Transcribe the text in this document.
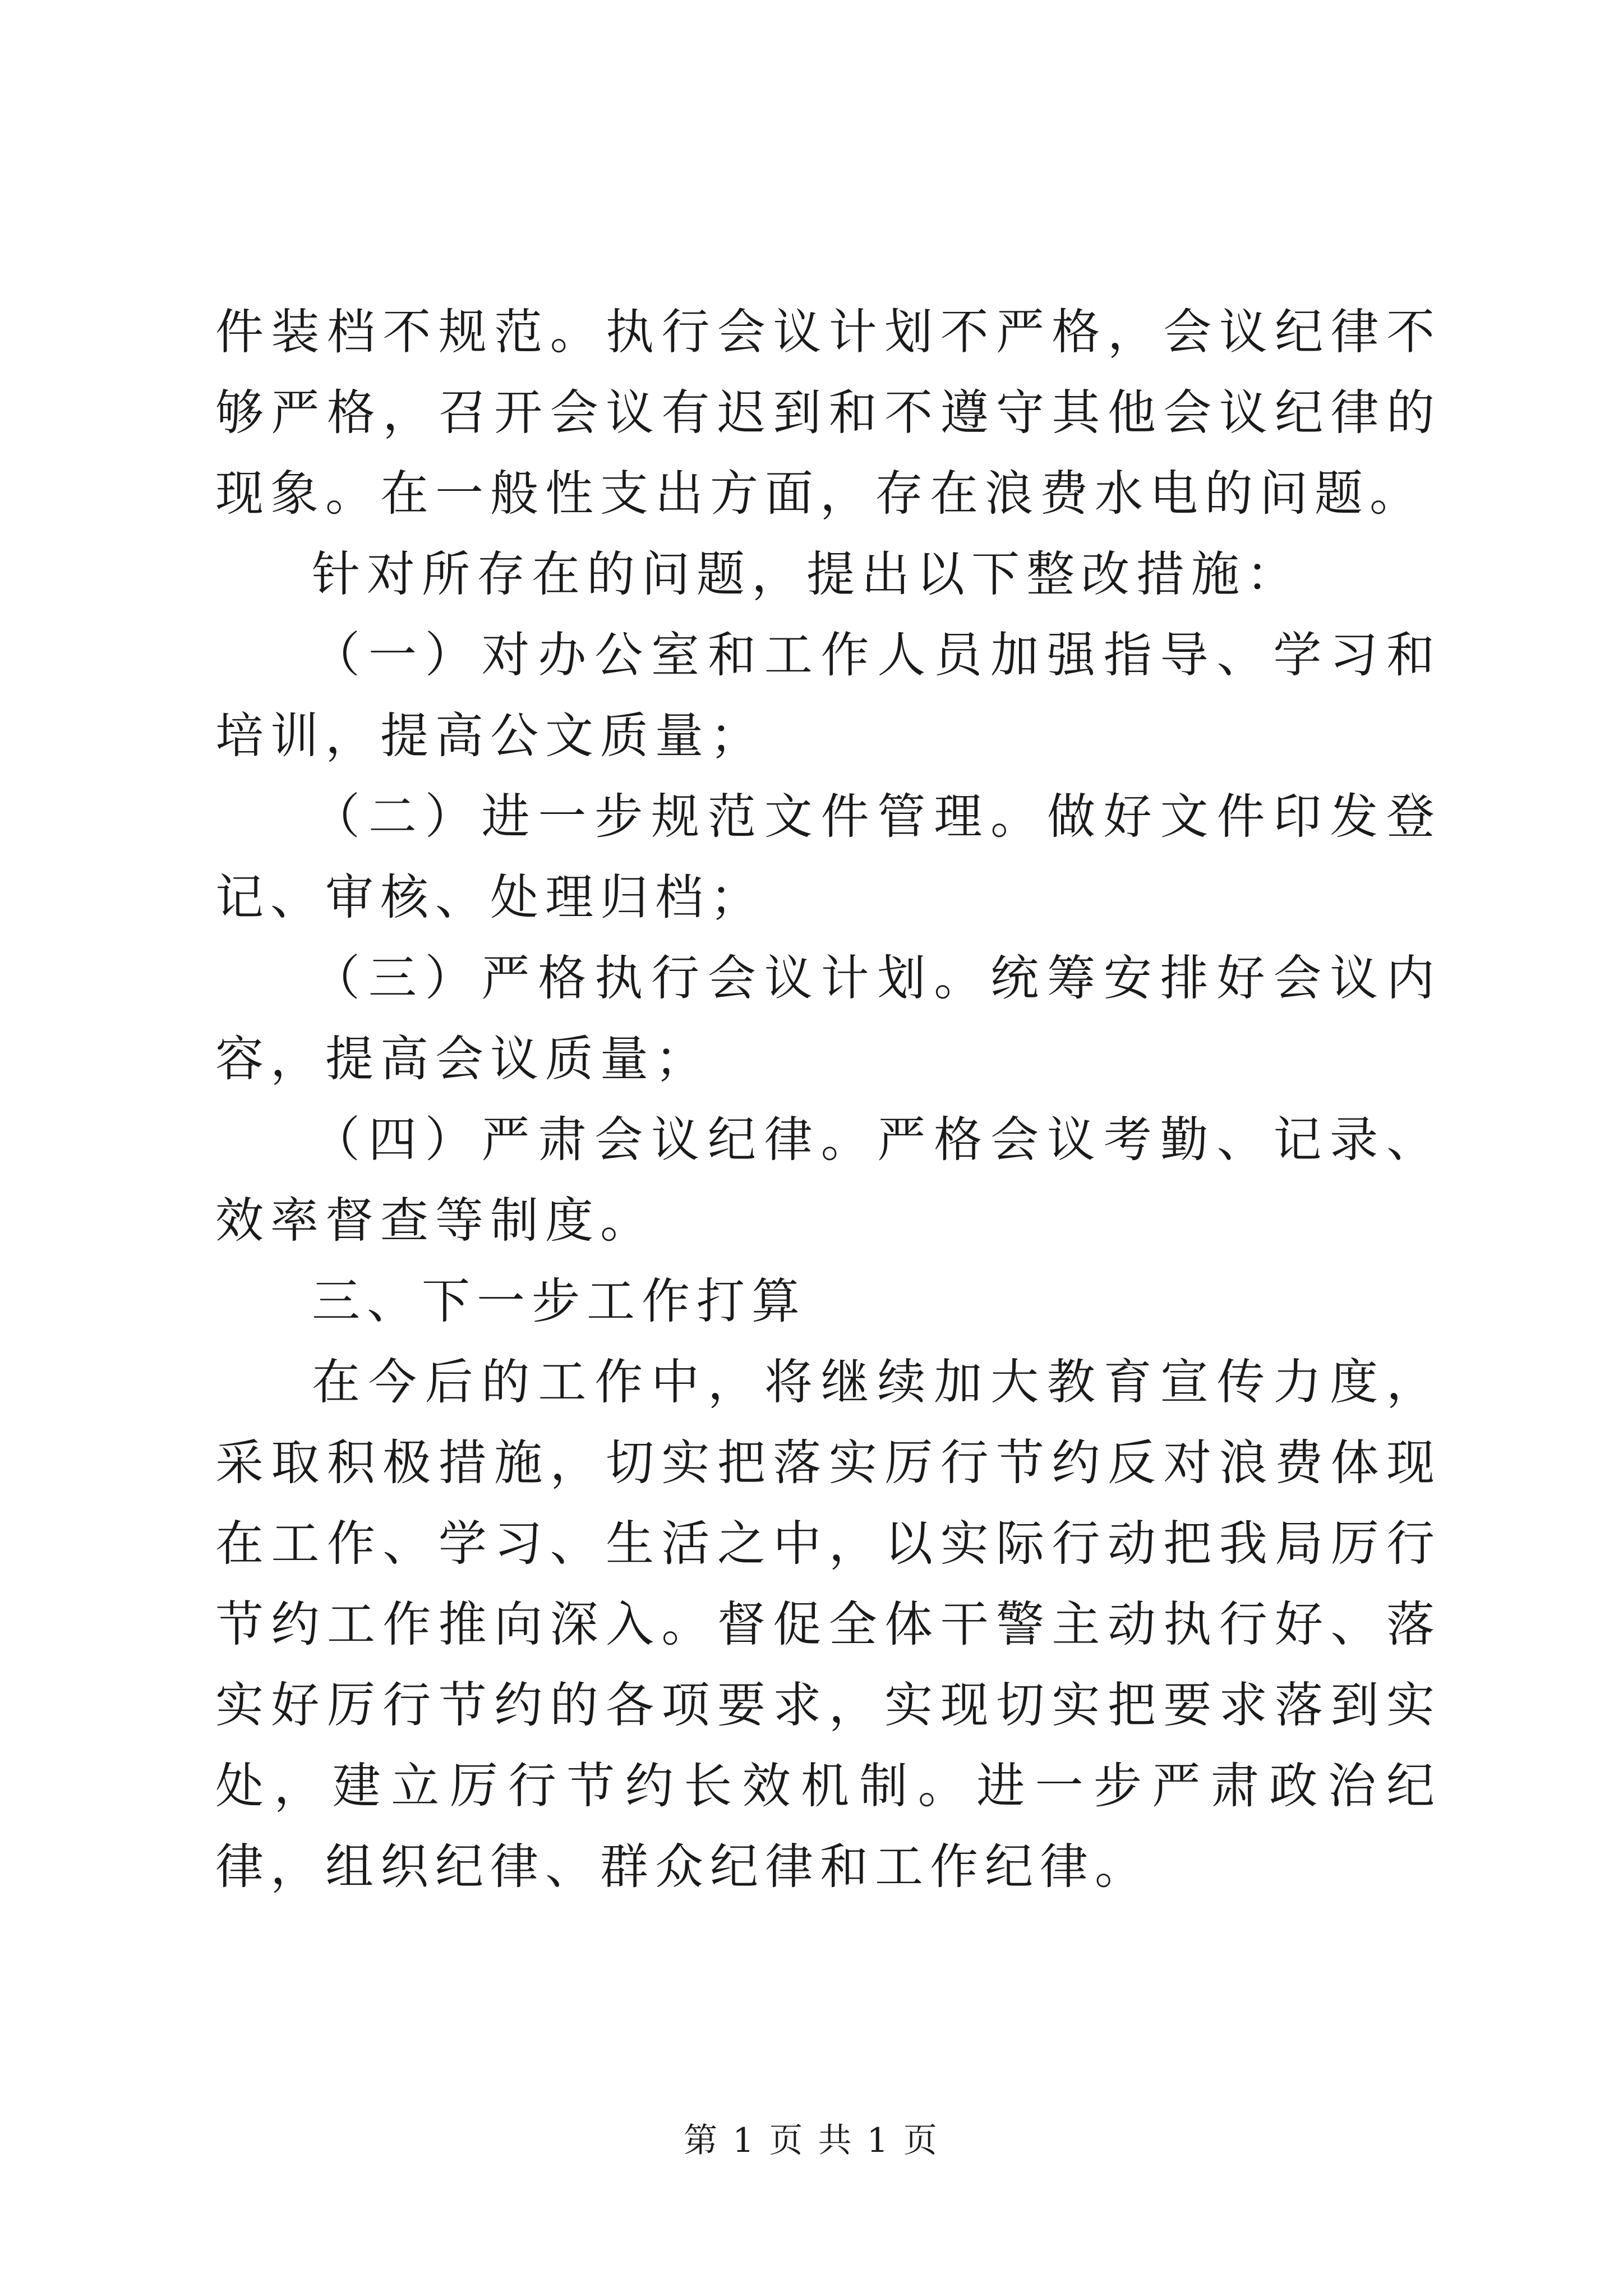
件装档不规范。执行会议计划不严格，会议纪律不够严格，召开会议有迟到和不遵守其他会议纪律的现象。在一般性支出方面，存在浪费水电的问题。

针对所存在的问题，提出以下整改措施：

（一）对办公室和工作人员加强指导、学习和培训，提高公文质量；

（二）进一步规范文件管理。做好文件印发登记、审核、处理归档；

（三）严格执行会议计划。统筹安排好会议内容，提高会议质量；

（四）严肃会议纪律。严格会议考勤、记录、效率督查等制度。

三、下一步工作打算

在今后的工作中，将继续加大教育宣传力度，采取积极措施，切实把落实厉行节约反对浪费体现在工作、学习、生活之中，以实际行动把我局厉行节约工作推向深入。督促全体干警主动执行好、落实好厉行节约的各项要求，实现切实把要求落到实处，建立厉行节约长效机制。进一步严肃政治纪律，组织纪律、群众纪律和工作纪律。

第 1 页 共 1 页
